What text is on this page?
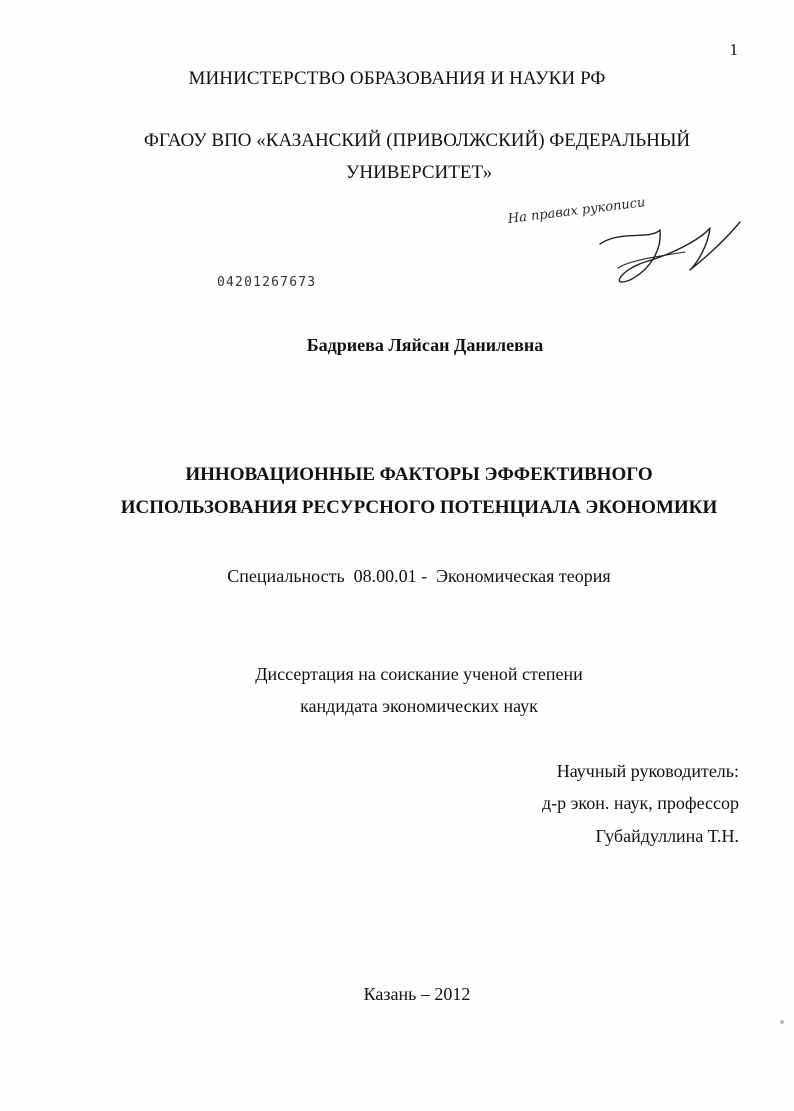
1
МИНИСТЕРСТВО ОБРАЗОВАНИЯ И НАУКИ РФ
ФГАОУ ВПО «КАЗАНСКИЙ (ПРИВОЛЖСКИЙ) ФЕДЕРАЛЬНЫЙ
УНИВЕРСИТЕТ»
На правах рукописи
04201267673
Бадриева Ляйсан Данилевна
ИННОВАЦИОННЫЕ ФАКТОРЫ ЭФФЕКТИВНОГО
ИСПОЛЬЗОВАНИЯ РЕСУРСНОГО ПОТЕНЦИАЛА ЭКОНОМИКИ
Специальность  08.00.01 -  Экономическая теория
Диссертация на соискание ученой степени
кандидата экономических наук
Научный руководитель:
д-р экон. наук, профессор
Губайдуллина Т.Н.
Казань – 2012
